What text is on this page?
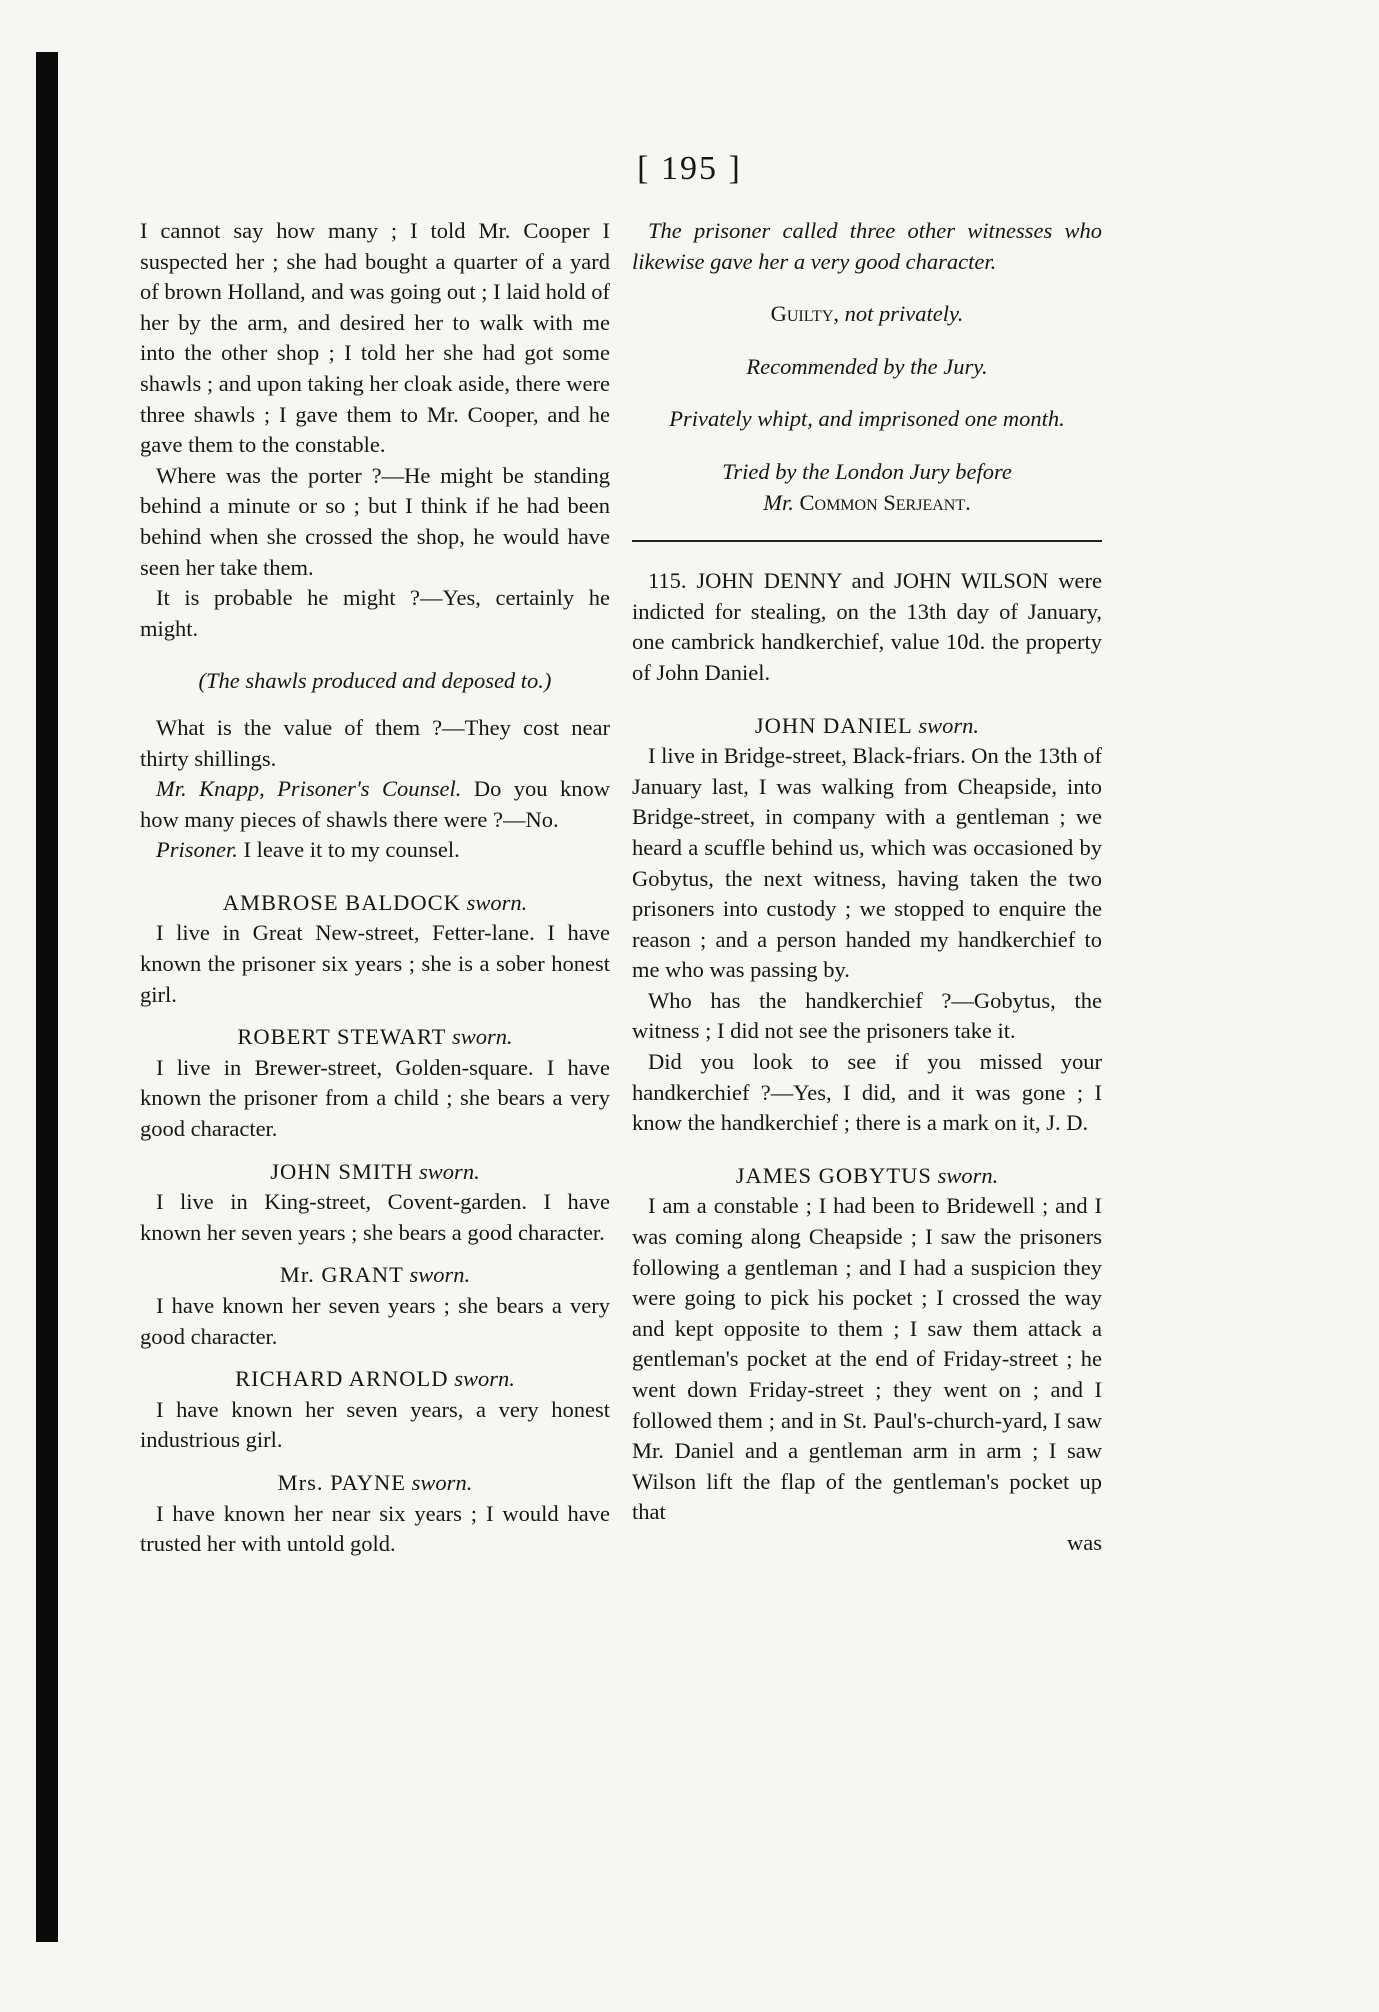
[ 195 ]

I cannot say how many ; I told Mr. Cooper I suspected her ; she had bought a quarter of a yard of brown Holland, and was going out ; I laid hold of her by the arm, and desired her to walk with me into the other shop ; I told her she had got some shawls ; and upon taking her cloak aside, there were three shawls ; I gave them to Mr. Cooper, and he gave them to the constable.

Where was the porter ?—He might be standing behind a minute or so ; but I think if he had been behind when she crossed the shop, he would have seen her take them.

It is probable he might ?—Yes, certainly he might.

(The shawls produced and deposed to.)

What is the value of them ?—They cost near thirty shillings.

Mr. Knapp, Prisoner's Counsel. Do you know how many pieces of shawls there were ?—No.

Prisoner. I leave it to my counsel.

AMBROSE BALDOCK sworn.

I live in Great New-street, Fetter-lane. I have known the prisoner six years ; she is a sober honest girl.

ROBERT STEWART sworn.

I live in Brewer-street, Golden-square. I have known the prisoner from a child ; she bears a very good character.

JOHN SMITH sworn.

I live in King-street, Covent-garden. I have known her seven years ; she bears a good character.

Mr. GRANT sworn.

I have known her seven years ; she bears a very good character.

RICHARD ARNOLD sworn.

I have known her seven years, a very honest industrious girl.

Mrs. PAYNE sworn.

I have known her near six years ; I would have trusted her with untold gold.

The prisoner called three other witnesses who likewise gave her a very good character.

Guilty, not privately.

Recommended by the Jury.

Privately whipt, and imprisoned one month.

Tried by the London Jury before

Mr. Common Serjeant.

115. JOHN DENNY and JOHN WILSON were indicted for stealing, on the 13th day of January, one cambrick handkerchief, value 10d. the property of John Daniel.

JOHN DANIEL sworn.

I live in Bridge-street, Black-friars. On the 13th of January last, I was walking from Cheapside, into Bridge-street, in company with a gentleman ; we heard a scuffle behind us, which was occasioned by Gobytus, the next witness, having taken the two prisoners into custody ; we stopped to enquire the reason ; and a person handed my handkerchief to me who was passing by.

Who has the handkerchief ?—Gobytus, the witness ; I did not see the prisoners take it.

Did you look to see if you missed your handkerchief ?—Yes, I did, and it was gone ; I know the handkerchief ; there is a mark on it, J. D.

JAMES GOBYTUS sworn.

I am a constable ; I had been to Bridewell ; and I was coming along Cheapside ; I saw the prisoners following a gentleman ; and I had a suspicion they were going to pick his pocket ; I crossed the way and kept opposite to them ; I saw them attack a gentleman's pocket at the end of Friday-street ; he went down Friday-street ; they went on ; and I followed them ; and in St. Paul's-church-yard, I saw Mr. Daniel and a gentleman arm in arm ; I saw Wilson lift the flap of the gentleman's pocket up that

was
